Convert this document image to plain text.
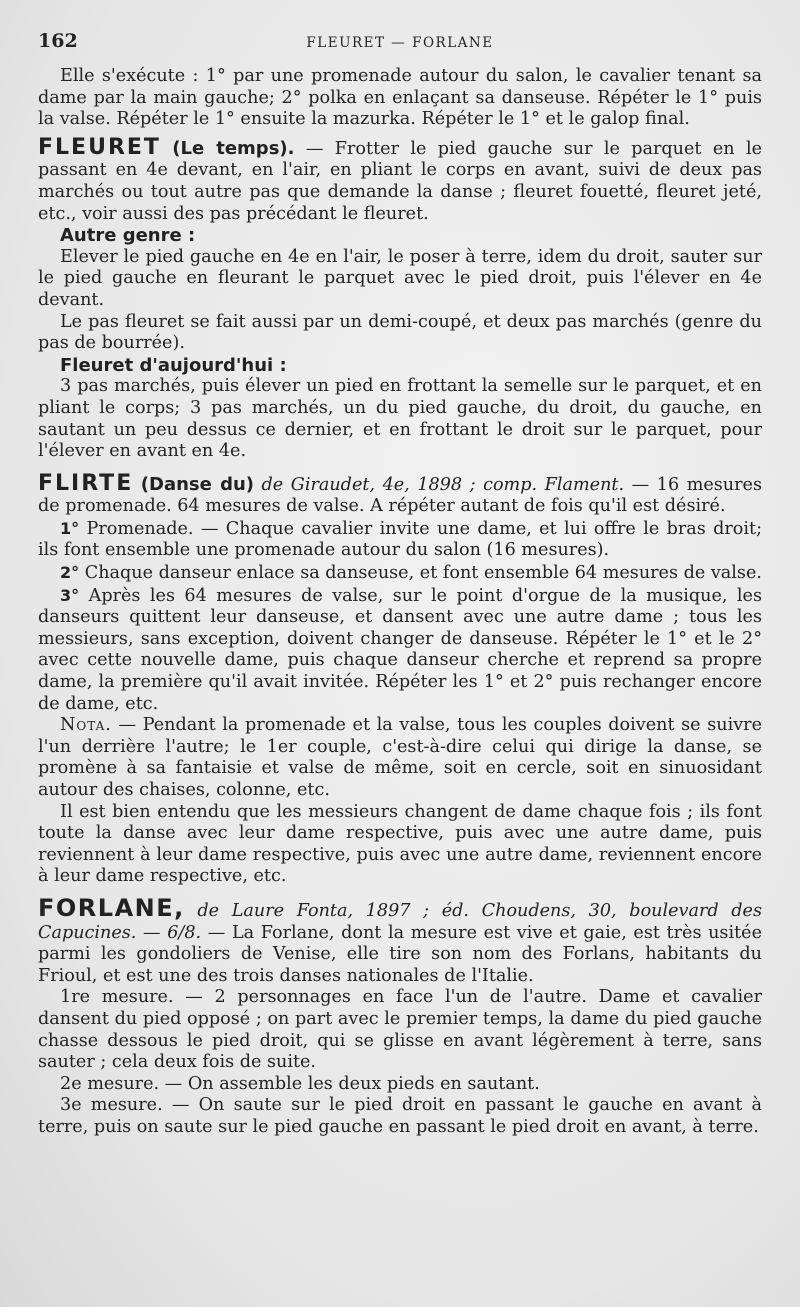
162	FLEURET — FORLANE

Elle s'exécute : 1° par une promenade autour du salon, le cavalier tenant sa dame par la main gauche; 2° polka en enlaçant sa danseuse. Répéter le 1° puis la valse. Répéter le 1° ensuite la mazurka. Répéter le 1° et le galop final.

FLEURET (Le temps). — Frotter le pied gauche sur le parquet en le passant en 4e devant, en l'air, en pliant le corps en avant, suivi de deux pas marchés ou tout autre pas que demande la danse ; fleuret fouetté, fleuret jeté, etc., voir aussi des pas précédant le fleuret.

Autre genre :

Elever le pied gauche en 4e en l'air, le poser à terre, idem du droit, sauter sur le pied gauche en fleurant le parquet avec le pied droit, puis l'élever en 4e devant.

Le pas fleuret se fait aussi par un demi-coupé, et deux pas marchés (genre du pas de bourrée).

Fleuret d'aujourd'hui :

3 pas marchés, puis élever un pied en frottant la semelle sur le parquet, et en pliant le corps; 3 pas marchés, un du pied gauche, du droit, du gauche, en sautant un peu dessus ce dernier, et en frottant le droit sur le parquet, pour l'élever en avant en 4e.

FLIRTE (Danse du) de Giraudet, 4e, 1898 ; comp. Flament. — 16 mesures de promenade. 64 mesures de valse. A répéter autant de fois qu'il est désiré.

1° Promenade. — Chaque cavalier invite une dame, et lui offre le bras droit; ils font ensemble une promenade autour du salon (16 mesures).

2° Chaque danseur enlace sa danseuse, et font ensemble 64 mesures de valse.

3° Après les 64 mesures de valse, sur le point d'orgue de la musique, les danseurs quittent leur danseuse, et dansent avec une autre dame ; tous les messieurs, sans exception, doivent changer de danseuse. Répéter le 1° et le 2° avec cette nouvelle dame, puis chaque danseur cherche et reprend sa propre dame, la première qu'il avait invitée. Répéter les 1° et 2° puis rechanger encore de dame, etc.

Nota. — Pendant la promenade et la valse, tous les couples doivent se suivre l'un derrière l'autre; le 1er couple, c'est-à-dire celui qui dirige la danse, se promène à sa fantaisie et valse de même, soit en cercle, soit en sinuosidant autour des chaises, colonne, etc.

Il est bien entendu que les messieurs changent de dame chaque fois ; ils font toute la danse avec leur dame respective, puis avec une autre dame, puis reviennent à leur dame respective, puis avec une autre dame, reviennent encore à leur dame respective, etc.

FORLANE, de Laure Fonta, 1897 ; éd. Choudens, 30, boulevard des Capucines. — 6/8. — La Forlane, dont la mesure est vive et gaie, est très usitée parmi les gondoliers de Venise, elle tire son nom des Forlans, habitants du Frioul, et est une des trois danses nationales de l'Italie.

1re mesure. — 2 personnages en face l'un de l'autre. Dame et cavalier dansent du pied opposé ; on part avec le premier temps, la dame du pied gauche chasse dessous le pied droit, qui se glisse en avant légèrement à terre, sans sauter ; cela deux fois de suite.

2e mesure. — On assemble les deux pieds en sautant.

3e mesure. — On saute sur le pied droit en passant le gauche en avant à terre, puis on saute sur le pied gauche en passant le pied droit en avant, à terre.
